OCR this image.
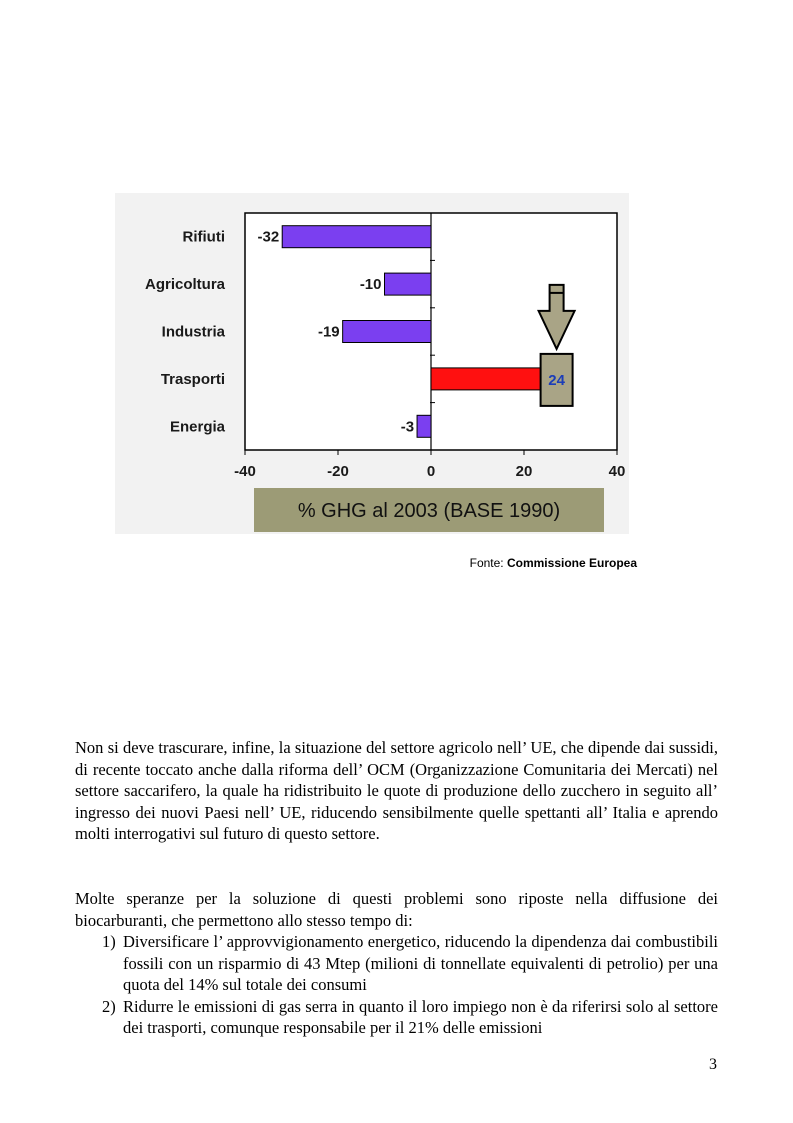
-40	-20	0	20	40
Rifiuti -32
Agricoltura	-10
Industria	-19
Trasporti	24
Energia	-3
% GHG al 2003 (BASE 1990)
Fonte: Commissione Europea
Non si deve trascurare, infine, la situazione del settore agricolo nell’ UE, che dipende dai sussidi, di recente toccato anche dalla riforma dell’ OCM (Organizzazione Comunitaria dei Mercati) nel settore saccarifero, la quale ha ridistribuito le quote di produzione dello zucchero in seguito all’ ingresso dei nuovi Paesi nell’ UE, riducendo sensibilmente quelle spettanti all’ Italia e aprendo molti interrogativi sul futuro di questo settore.
Molte speranze per la soluzione di questi problemi sono riposte nella diffusione dei biocarburanti, che permettono allo stesso tempo di:
1) Diversificare l’ approvvigionamento energetico, riducendo la dipendenza dai combustibili fossili con un risparmio di 43 Mtep (milioni di tonnellate equivalenti di petrolio) per una quota del 14% sul totale dei consumi
2) Ridurre le emissioni di gas serra in quanto il loro impiego non è da riferirsi solo al settore dei trasporti, comunque responsabile per il 21% delle emissioni
3
